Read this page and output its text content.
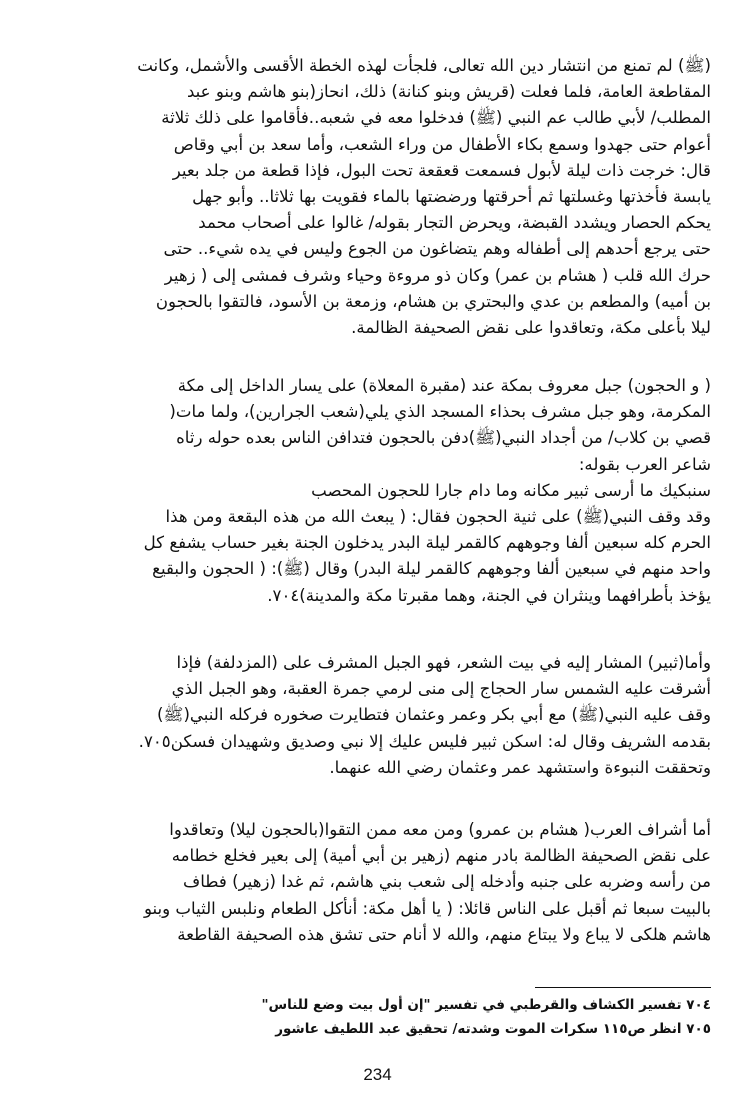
(ﷺ) لم تمنع من انتشار دين الله تعالى، فلجأت لهذه الخطة الأقسى والأشمل، وكانت
المقاطعة العامة، فلما فعلت (قريش وبنو كنانة) ذلك، انحاز(بنو هاشم وبنو عبد
المطلب/ لأبي طالب عم النبي (ﷺ) فدخلوا معه في شعبه..فأقاموا على ذلك ثلاثة
أعوام حتى جهدوا وسمع بكاء الأطفال من وراء الشعب، وأما سعد بن أبي وقاص
قال: خرجت ذات ليلة لأبول فسمعت قعقعة تحت البول، فإذا قطعة من جلد بعير
يابسة فأخذتها وغسلتها ثم أحرقتها ورضضتها بالماء فقويت بها ثلاثا.. وأبو جهل
يحكم الحصار ويشدد القبضة، ويحرض التجار بقوله/ غالوا على أصحاب محمد
حتى يرجع أحدهم إلى أطفاله وهم يتضاغون من الجوع وليس في يده شيء.. حتى
حرك الله قلب ( هشام بن عمر) وكان ذو مروءة وحياء وشرف فمشى إلى ( زهير
بن أميه) والمطعم بن عدي والبحتري بن هشام، وزمعة بن الأسود، فالتقوا بالحجون
ليلا بأعلى مكة، وتعاقدوا على نقض الصحيفة الظالمة.
( و الحجون) جبل معروف بمكة عند (مقبرة المعلاة) على يسار الداخل إلى مكة
المكرمة، وهو جبل مشرف بحذاء المسجد الذي يلي(شعب الجرارين)، ولما مات(
قصي بن كلاب/ من أجداد النبي(ﷺ)دفن بالحجون فتدافن الناس بعده حوله رثاه
شاعر العرب بقوله:
سنبكيك ما أرسى ثبير مكانه وما دام جارا للحجون المحصب
وقد وقف النبي(ﷺ) على ثنية الحجون فقال: ( يبعث الله من هذه البقعة ومن هذا
الحرم كله سبعين ألفا وجوههم كالقمر ليلة البدر يدخلون الجنة بغير حساب يشفع كل
واحد منهم في سبعين ألفا وجوههم كالقمر ليلة البدر) وقال (ﷺ): ( الحجون والبقيع
يؤخذ بأطرافهما وينثران في الجنة، وهما مقبرتا مكة والمدينة)٧٠٤.
وأما(ثبير) المشار إليه في بيت الشعر، فهو الجبل المشرف على (المزدلفة) فإذا
أشرقت عليه الشمس سار الحجاج إلى منى لرمي جمرة العقبة، وهو الجبل الذي
وقف عليه النبي(ﷺ) مع أبي بكر وعمر وعثمان فتطايرت صخوره فركله النبي(ﷺ)
بقدمه الشريف وقال له: اسكن ثبير فليس عليك إلا نبي وصديق وشهيدان فسكن٧٠٥.
وتحققت النبوءة واستشهد عمر وعثمان رضي الله عنهما.
أما أشراف العرب( هشام بن عمرو) ومن معه ممن التقوا(بالحجون ليلا) وتعاقدوا
على نقض الصحيفة الظالمة بادر منهم (زهير بن أبي أمية) إلى بعير فخلع خطامه
من رأسه وضربه على جنبه وأدخله إلى شعب بني هاشم، ثم غدا (زهير) فطاف
بالبيت سبعا ثم أقبل على الناس قائلا: ( يا أهل مكة: أنأكل الطعام ونلبس الثياب وبنو
هاشم هلكى لا يباع ولا يبتاع منهم، والله لا أنام حتى تشق هذه الصحيفة القاطعة
٧٠٤ تفسير الكشاف والقرطبي في تفسير "إن أول بيت وضع للناس"
٧٠٥ انظر ص١١٥ سكرات الموت وشدته/ تحقيق عبد اللطيف عاشور
234
